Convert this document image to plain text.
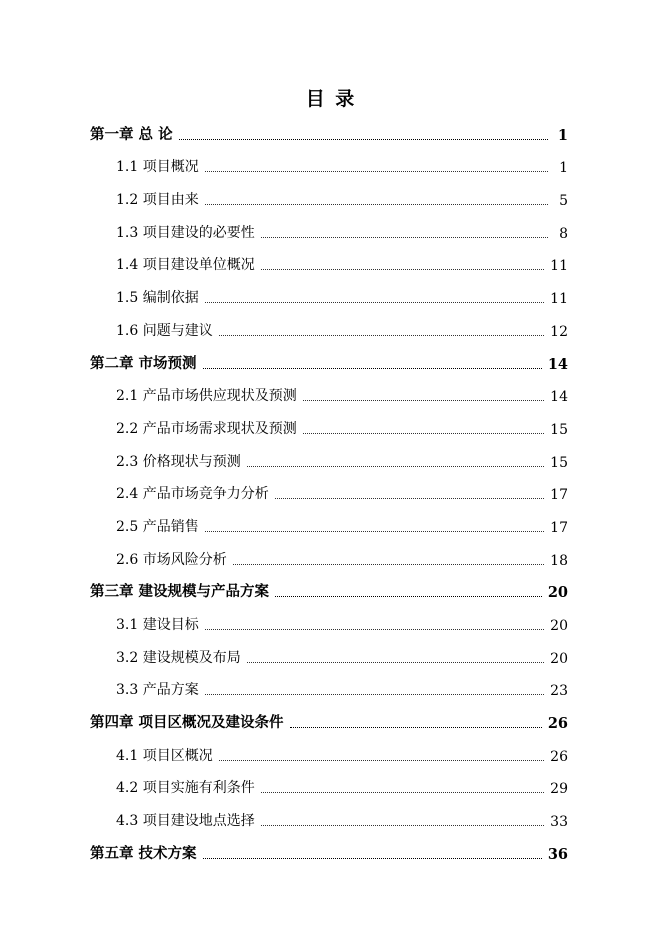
目 录
第一章 总 论	1
1.1 项目概况	1
1.2 项目由来	5
1.3 项目建设的必要性	8
1.4 项目建设单位概况	11
1.5 编制依据	11
1.6 问题与建议	12
第二章 市场预测	14
2.1 产品市场供应现状及预测	14
2.2 产品市场需求现状及预测	15
2.3 价格现状与预测	15
2.4 产品市场竞争力分析	17
2.5 产品销售	17
2.6 市场风险分析	18
第三章 建设规模与产品方案	20
3.1 建设目标	20
3.2 建设规模及布局	20
3.3 产品方案	23
第四章 项目区概况及建设条件	26
4.1 项目区概况	26
4.2 项目实施有利条件	29
4.3 项目建设地点选择	33
第五章 技术方案	36
